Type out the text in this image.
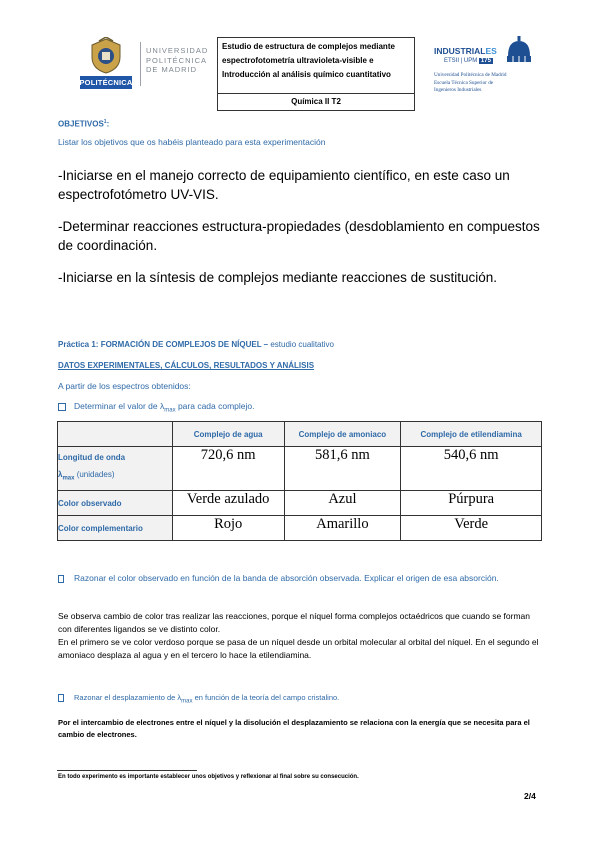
POLITÉCNICA
UNIVERSIDAD
POLITÉCNICA
DE MADRID
Estudio de estructura de complejos mediante
espectrofotometría ultravioleta-visible e
Introducción al análisis químico cuantitativo
Química II T2
INDUSTRIALES
ETSII | UPM 175
Universidad Politécnica de Madrid
Escuela Técnica Superior de
Ingenieros Industriales
OBJETIVOS$^1$:
Listar los objetivos que os habéis planteado para esta experimentación
-Iniciarse en el manejo correcto de equipamiento científico, en este caso un espectrofotómetro UV-VIS.
-Determinar reacciones estructura-propiedades (desdoblamiento en compuestos de coordinación.
-Iniciarse en la síntesis de complejos mediante reacciones de sustitución.
Práctica 1: FORMACIÓN DE COMPLEJOS DE NÍQUEL – estudio cualitativo
DATOS EXPERIMENTALES, CÁLCULOS, RESULTADOS Y ANÁLISIS
A partir de los espectros obtenidos:
Determinar el valor de $\lambda_{max}$ para cada complejo.
	Complejo de agua	Complejo de amoniaco	Complejo de etilendiamina
Longitud de onda
$\lambda_{max}$ (unidades)	720,6 nm	581,6 nm	540,6 nm
Color observado	Verde azulado	Azul	Púrpura
Color complementario	Rojo	Amarillo	Verde
Razonar el color observado en función de la banda de absorción observada. Explicar el origen de esa absorción.
Se observa cambio de color tras realizar las reacciones, porque el níquel forma complejos octaédricos que cuando se forman con diferentes ligandos se ve distinto color.
En el primero se ve color verdoso porque se pasa de un níquel desde un orbital molecular al orbital del níquel. En el segundo el amoniaco desplaza al agua y en el tercero lo hace la etilendiamina.
Razonar el desplazamiento de $\lambda_{max}$ en función de la teoría del campo cristalino.
Por el intercambio de electrones entre el níquel y la disolución el desplazamiento se relaciona con la energía que se necesita para el cambio de electrones.
En todo experimento es importante establecer unos objetivos y reflexionar al final sobre su consecución.
2/4
